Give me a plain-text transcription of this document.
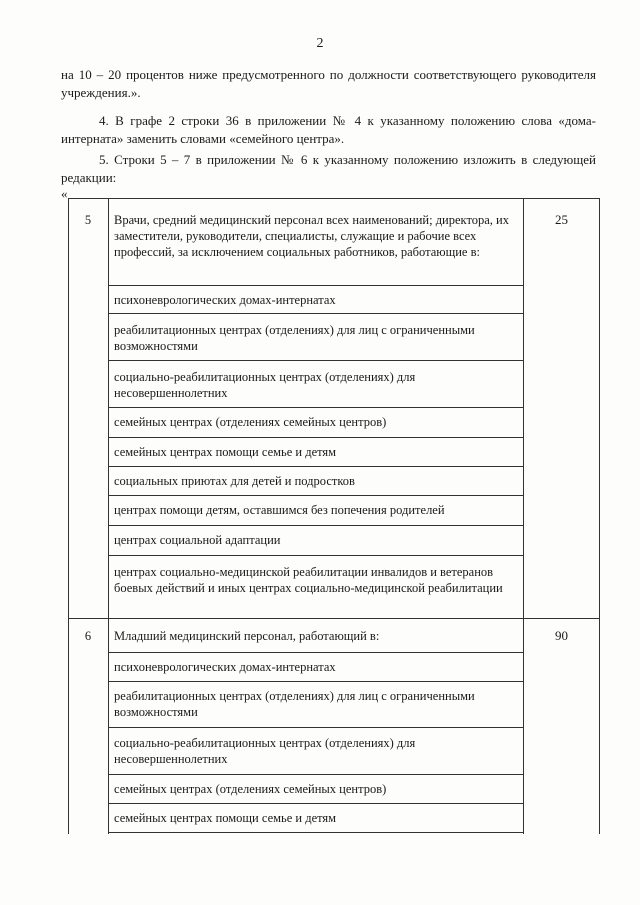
2

на 10 – 20 процентов ниже предусмотренного по должности соответствующего руководителя учреждения.».

4. В графе 2 строки 36 в приложении № 4 к указанному положению слова «дома-интерната» заменить словами «семейного центра».

5. Строки 5 – 7 в приложении № 6 к указанному положению изложить в следующей редакции:

«
5	25
Врачи, средний медицинский персонал всех наименований; директора, их заместители, руководители, специалисты, служащие и рабочие всех профессий, за исключением социальных работников, работающие в:
психоневрологических домах-интернатах
реабилитационных центрах (отделениях) для лиц с ограниченными возможностями
социально-реабилитационных центрах (отделениях) для несовершеннолетних
семейных центрах (отделениях семейных центров)
семейных центрах помощи семье и детям
социальных приютах для детей и подростков
центрах помощи детям, оставшимся без попечения родителей
центрах социальной адаптации
центрах социально-медицинской реабилитации инвалидов и ветеранов боевых действий и иных центрах социально-медицинской реабилитации
6	90
Младший медицинский персонал, работающий в:
психоневрологических домах-интернатах
реабилитационных центрах (отделениях) для лиц с ограниченными возможностями
социально-реабилитационных центрах (отделениях) для несовершеннолетних
семейных центрах (отделениях семейных центров)
семейных центрах помощи семье и детям
